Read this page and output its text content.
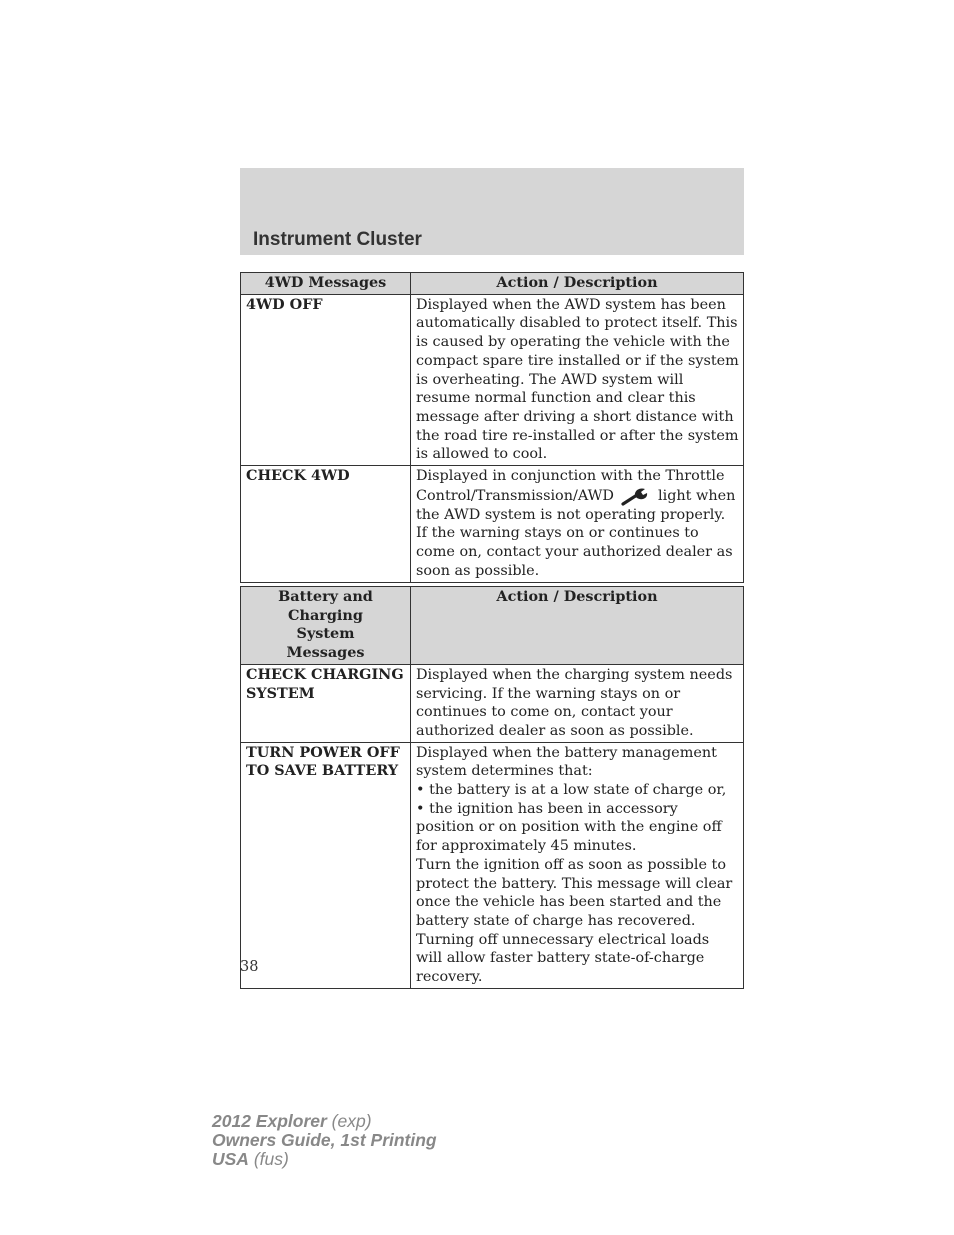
Instrument Cluster
4WD Messages	Action / Description
4WD OFF	Displayed when the AWD system has been automatically disabled to protect itself. This is caused by operating the vehicle with the compact spare tire installed or if the system is overheating. The AWD system will resume normal function and clear this message after driving a short distance with the road tire re-installed or after the system is allowed to cool.
CHECK 4WD	Displayed in conjunction with the Throttle Control/Transmission/AWD light when the AWD system is not operating properly. If the warning stays on or continues to come on, contact your authorized dealer as soon as possible.
Battery and Charging System Messages	Action / Description
CHECK CHARGING SYSTEM	Displayed when the charging system needs servicing. If the warning stays on or continues to come on, contact your authorized dealer as soon as possible.
TURN POWER OFF TO SAVE BATTERY	Displayed when the battery management system determines that:
• the battery is at a low state of charge or,
• the ignition has been in accessory position or on position with the engine off for approximately 45 minutes.
Turn the ignition off as soon as possible to protect the battery. This message will clear once the vehicle has been started and the battery state of charge has recovered. Turning off unnecessary electrical loads will allow faster battery state-of-charge recovery.
38
2012 Explorer (exp)
Owners Guide, 1st Printing
USA (fus)
